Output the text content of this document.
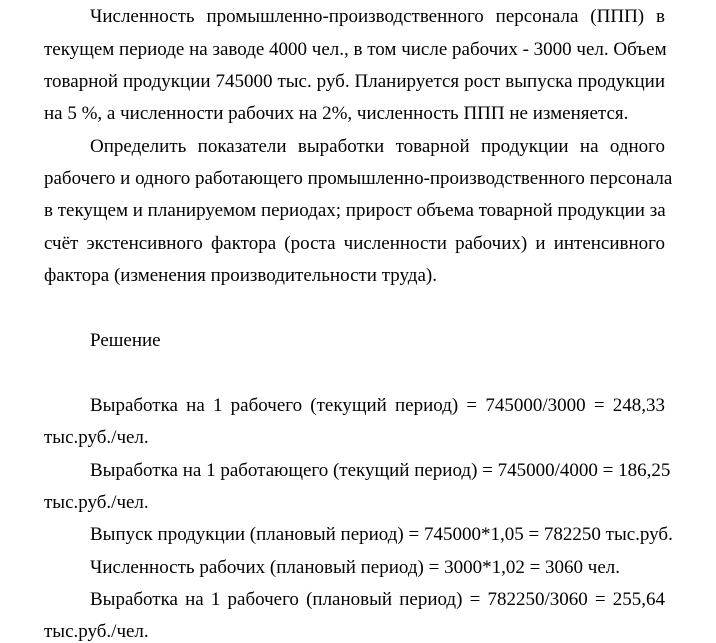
Численность промышленно-производственного персонала (ППП) в
текущем периоде на заводе 4000 чел., в том числе рабочих - 3000 чел. Объем
товарной продукции 745000 тыс. руб. Планируется рост выпуска продукции
на 5 %, а численности рабочих на 2%, численность ППП не изменяется.
Определить показатели выработки товарной продукции на одного
рабочего и одного работающего промышленно-производственного персонала
в текущем и планируемом периодах; прирост объема товарной продукции за
счёт экстенсивного фактора (роста численности рабочих) и интенсивного
фактора (изменения производительности труда).
Решение
Выработка на 1 рабочего (текущий период) = 745000/3000 = 248,33
тыс.руб./чел.
Выработка на 1 работающего (текущий период) = 745000/4000 = 186,25
тыс.руб./чел.
Выпуск продукции (плановый период) = 745000*1,05 = 782250 тыс.руб.
Численность рабочих (плановый период) = 3000*1,02 = 3060 чел.
Выработка на 1 рабочего (плановый период) = 782250/3060 = 255,64
тыс.руб./чел.
